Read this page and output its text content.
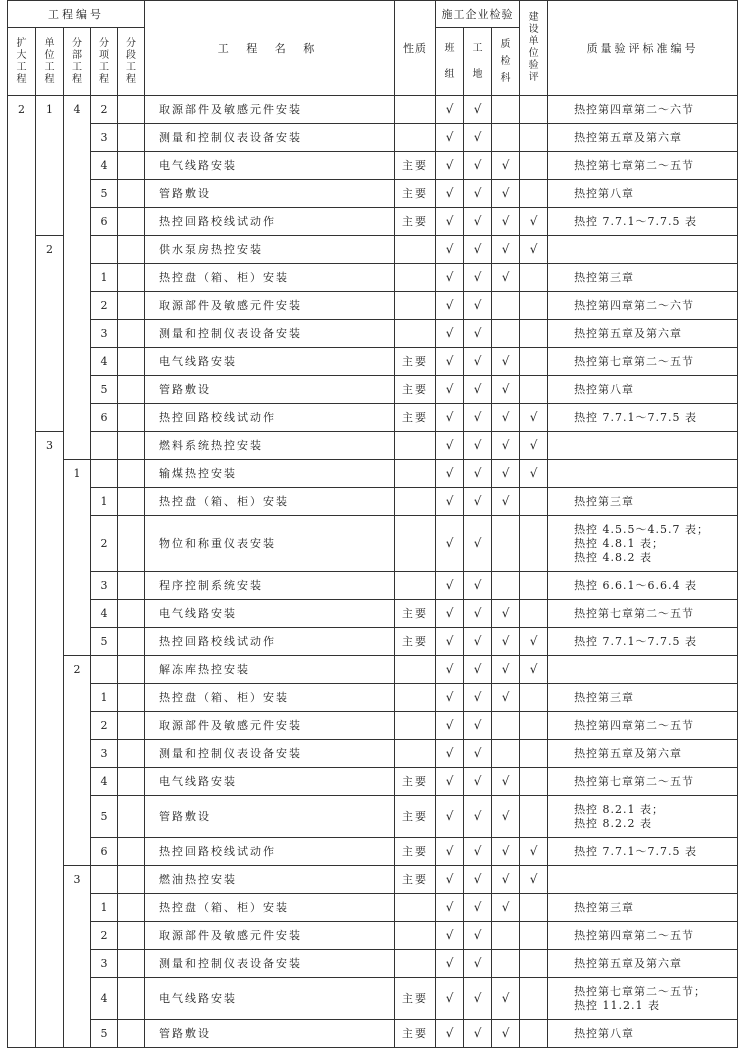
工程编号					工 程 名 称	性质	施工企业检验			建设单位验评	质量验评标准编号
扩大工程	单位工程	分部工程	分项工程	分段工程			班组	工地	质检科		
2	1	4	2		取源部件及敏感元件安装		√	√			热控第四章第二～六节
			3		测量和控制仪表设备安装		√	√			热控第五章及第六章
			4		电气线路安装	主要	√	√	√		热控第七章第二～五节
			5		管路敷设	主要	√	√	√		热控第八章
			6		热控回路校线试动作	主要	√	√	√	√	热控 7.7.1～7.7.5 表
	2				供水泵房热控安装		√	√	√	√	
			1		热控盘（箱、柜）安装		√	√	√		热控第三章
			2		取源部件及敏感元件安装		√	√			热控第四章第二～六节
			3		测量和控制仪表设备安装		√	√			热控第五章及第六章
			4		电气线路安装	主要	√	√	√		热控第七章第二～五节
			5		管路敷设	主要	√	√	√		热控第八章
			6		热控回路校线试动作	主要	√	√	√	√	热控 7.7.1～7.7.5 表
	3				燃料系统热控安装		√	√	√	√	
		1			输煤热控安装		√	√	√	√	
			1		热控盘（箱、柜）安装		√	√	√		热控第三章
			2		物位和称重仪表安装		√	√			热控 4.5.5～4.5.7 表；
热控 4.8.1 表；
热控 4.8.2 表
			3		程序控制系统安装		√	√			热控 6.6.1～6.6.4 表
			4		电气线路安装	主要	√	√	√		热控第七章第二～五节
			5		热控回路校线试动作	主要	√	√	√	√	热控 7.7.1～7.7.5 表
		2			解冻库热控安装		√	√	√	√	
			1		热控盘（箱、柜）安装		√	√	√		热控第三章
			2		取源部件及敏感元件安装		√	√			热控第四章第二～五节
			3		测量和控制仪表设备安装		√	√			热控第五章及第六章
			4		电气线路安装	主要	√	√	√		热控第七章第二～五节
			5		管路敷设	主要	√	√	√		热控 8.2.1 表；
热控 8.2.2 表
			6		热控回路校线试动作	主要	√	√	√	√	热控 7.7.1～7.7.5 表
		3			燃油热控安装	主要	√	√	√	√	
			1		热控盘（箱、柜）安装		√	√	√		热控第三章
			2		取源部件及敏感元件安装		√	√			热控第四章第二～五节
			3		测量和控制仪表设备安装		√	√			热控第五章及第六章
			4		电气线路安装	主要	√	√	√		热控第七章第二～五节；
热控 11.2.1 表
			5		管路敷设	主要	√	√	√		热控第八章
